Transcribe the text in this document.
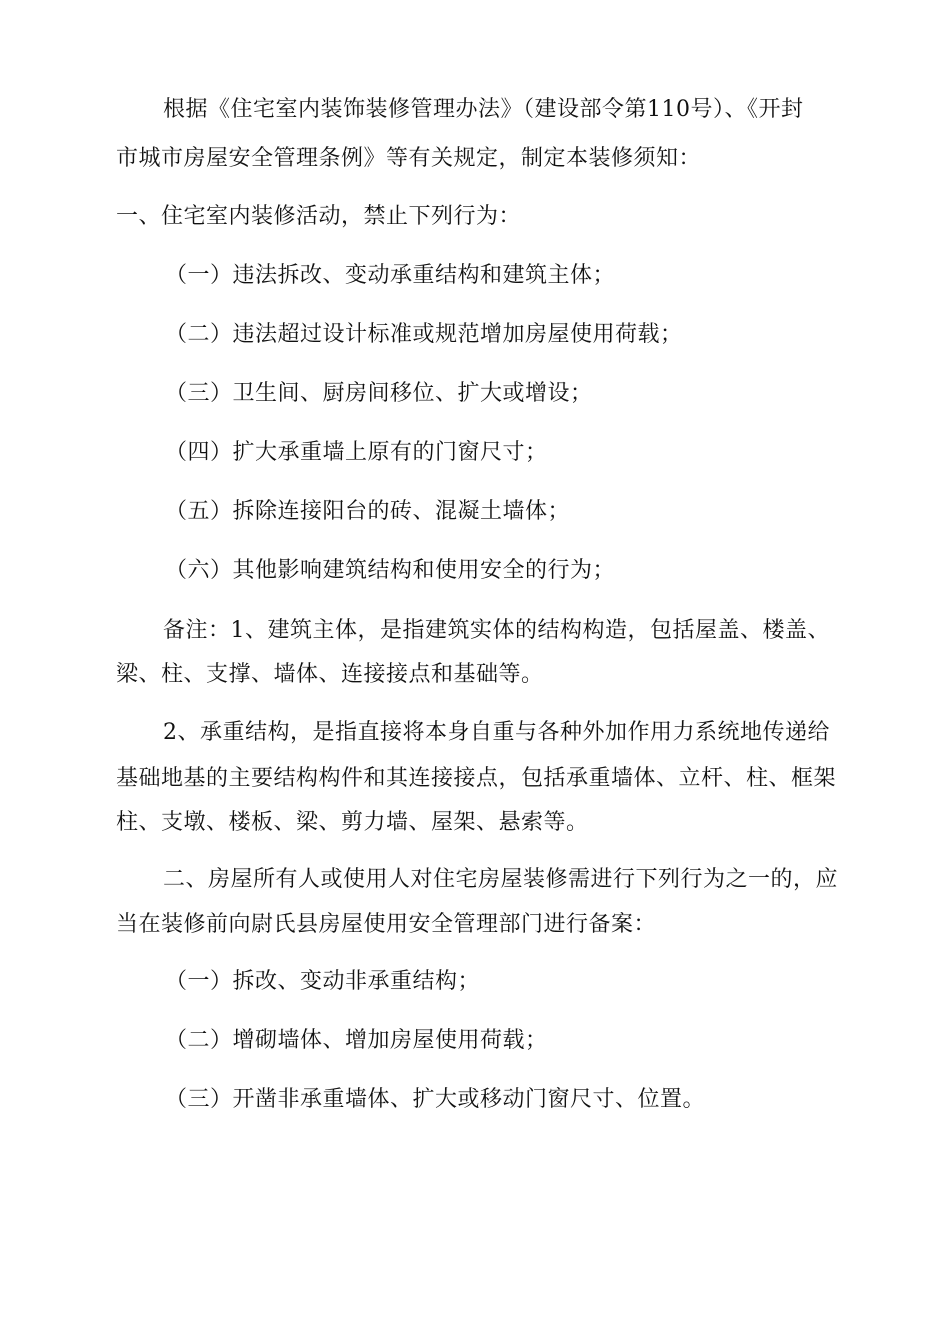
根据《住宅室内装饰装修管理办法》（建设部令第110号）、《开封
市城市房屋安全管理条例》等有关规定，制定本装修须知：
一、住宅室内装修活动，禁止下列行为：
（一）违法拆改、变动承重结构和建筑主体；
（二）违法超过设计标准或规范增加房屋使用荷载；
（三）卫生间、厨房间移位、扩大或增设；
（四）扩大承重墙上原有的门窗尺寸；
（五）拆除连接阳台的砖、混凝土墙体；
（六）其他影响建筑结构和使用安全的行为；
备注：1、建筑主体，是指建筑实体的结构构造，包括屋盖、楼盖、
梁、柱、支撑、墙体、连接接点和基础等。
2、承重结构，是指直接将本身自重与各种外加作用力系统地传递给
基础地基的主要结构构件和其连接接点，包括承重墙体、立杆、柱、框架
柱、支墩、楼板、梁、剪力墙、屋架、悬索等。
二、房屋所有人或使用人对住宅房屋装修需进行下列行为之一的，应
当在装修前向尉氏县房屋使用安全管理部门进行备案：
（一）拆改、变动非承重结构；
（二）增砌墙体、增加房屋使用荷载；
（三）开凿非承重墙体、扩大或移动门窗尺寸、位置。
